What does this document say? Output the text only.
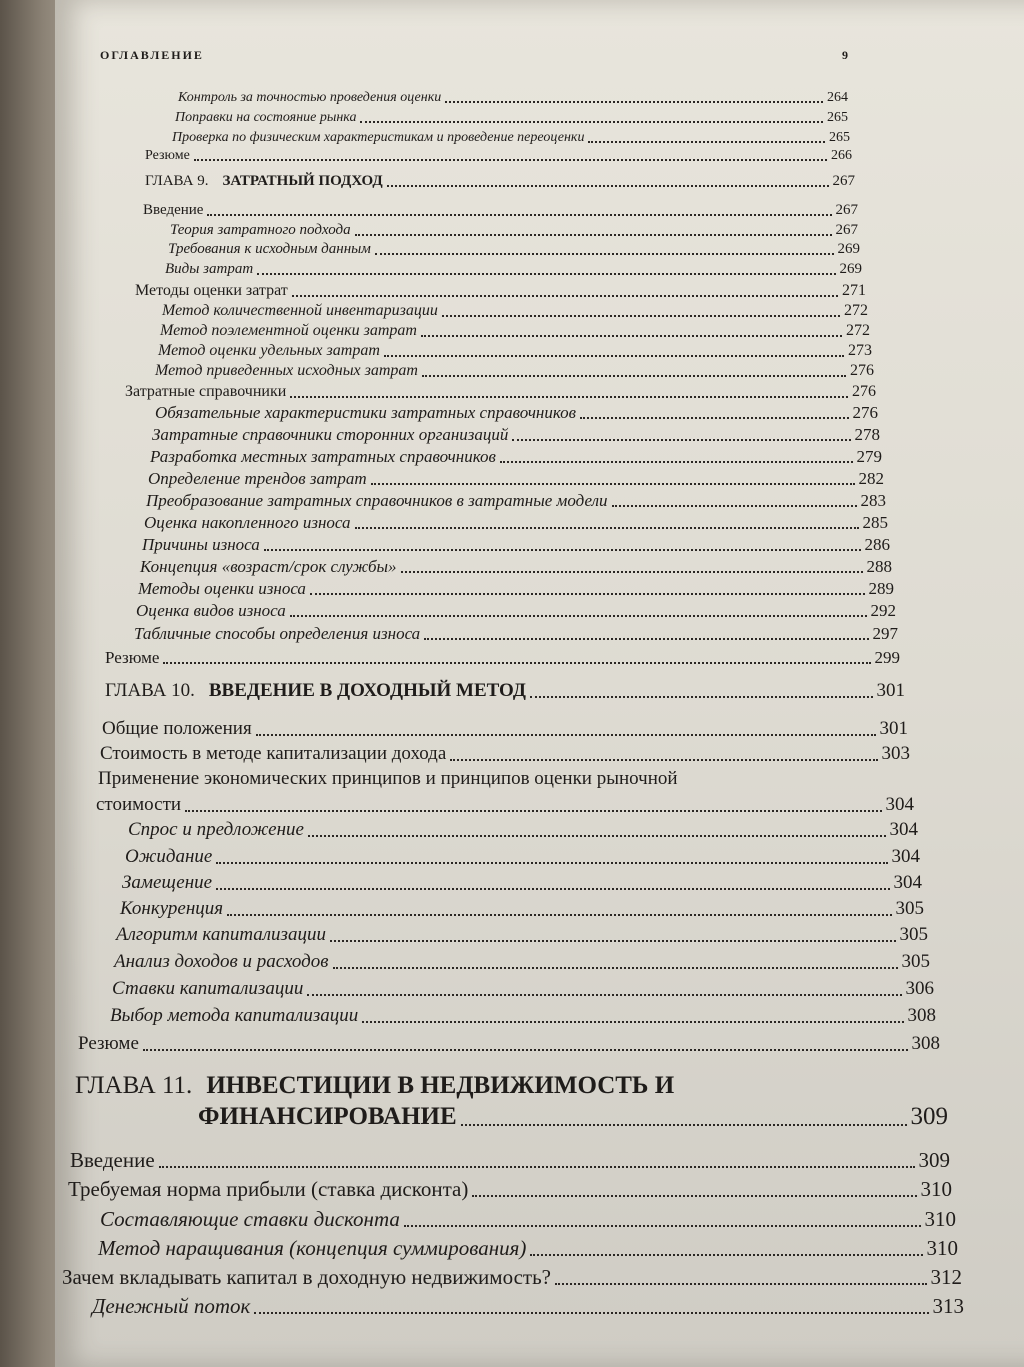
ОГЛАВЛЕНИЕ	9
Контроль за точностью проведения оценки	264
Поправки на состояние рынка	265
Проверка по физическим характеристикам и проведение переоценки	265
Резюме	266
ГЛАВА 9. ЗАТРАТНЫЙ ПОДХОД	267
Введение	267
Теория затратного подхода	267
Требования к исходным данным	269
Виды затрат	269
Методы оценки затрат	271
Метод количественной инвентаризации	272
Метод поэлементной оценки затрат	272
Метод оценки удельных затрат	273
Метод приведенных исходных затрат	276
Затратные справочники	276
Обязательные характеристики затратных справочников	276
Затратные справочники сторонних организаций	278
Разработка местных затратных справочников	279
Определение трендов затрат	282
Преобразование затратных справочников в затратные модели	283
Оценка накопленного износа	285
Причины износа	286
Концепция «возраст/срок службы»	288
Методы оценки износа	289
Оценка видов износа	292
Табличные способы определения износа	297
Резюме	299
ГЛАВА 10. ВВЕДЕНИЕ В ДОХОДНЫЙ МЕТОД	301
Общие положения	301
Стоимость в методе капитализации дохода	303
Применение экономических принципов и принципов оценки рыночной
стоимости	304
Спрос и предложение	304
Ожидание	304
Замещение	304
Конкуренция	305
Алгоритм капитализации	305
Анализ доходов и расходов	305
Ставки капитализации	306
Выбор метода капитализации	308
Резюме	308
ГЛАВА 11. ИНВЕСТИЦИИ В НЕДВИЖИМОСТЬ И
ФИНАНСИРОВАНИЕ	309
Введение	309
Требуемая норма прибыли (ставка дисконта)	310
Составляющие ставки дисконта	310
Метод наращивания (концепция суммирования)	310
Зачем вкладывать капитал в доходную недвижимость?	312
Денежный поток	313
